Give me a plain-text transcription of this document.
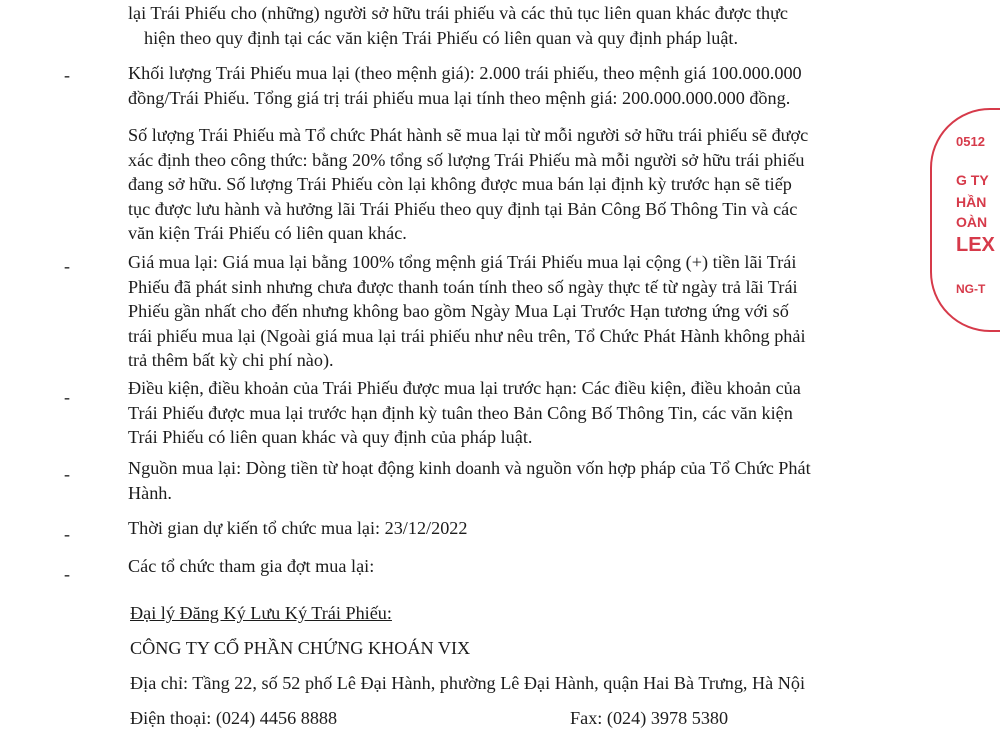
lại Trái Phiếu cho (những) người sở hữu trái phiếu và các thủ tục liên quan khác được thực
hiện theo quy định tại các văn kiện Trái Phiếu có liên quan và quy định pháp luật.
-	Khối lượng Trái Phiếu mua lại (theo mệnh giá): 2.000 trái phiếu, theo mệnh giá 100.000.000
đồng/Trái Phiếu. Tổng giá trị trái phiếu mua lại tính theo mệnh giá: 200.000.000.000 đồng.
Số lượng Trái Phiếu mà Tổ chức Phát hành sẽ mua lại từ mỗi người sở hữu trái phiếu sẽ được
xác định theo công thức: bằng 20% tổng số lượng Trái Phiếu mà mỗi người sở hữu trái phiếu
đang sở hữu. Số lượng Trái Phiếu còn lại không được mua bán lại định kỳ trước hạn sẽ tiếp
tục được lưu hành và hưởng lãi Trái Phiếu theo quy định tại Bản Công Bố Thông Tin và các
văn kiện Trái Phiếu có liên quan khác.
-	Giá mua lại: Giá mua lại bằng 100% tổng mệnh giá Trái Phiếu mua lại cộng (+) tiền lãi Trái
Phiếu đã phát sinh nhưng chưa được thanh toán tính theo số ngày thực tế từ ngày trả lãi Trái
Phiếu gần nhất cho đến nhưng không bao gồm Ngày Mua Lại Trước Hạn tương ứng với số
trái phiếu mua lại (Ngoài giá mua lại trái phiếu như nêu trên, Tổ Chức Phát Hành không phải
trả thêm bất kỳ chi phí nào).
-	Điều kiện, điều khoản của Trái Phiếu được mua lại trước hạn: Các điều kiện, điều khoản của
Trái Phiếu được mua lại trước hạn định kỳ tuân theo Bản Công Bố Thông Tin, các văn kiện
Trái Phiếu có liên quan khác và quy định của pháp luật.
-	Nguồn mua lại: Dòng tiền từ hoạt động kinh doanh và nguồn vốn hợp pháp của Tổ Chức Phát
Hành.
-	Thời gian dự kiến tổ chức mua lại: 23/12/2022
-	Các tổ chức tham gia đợt mua lại:
Đại lý Đăng Ký Lưu Ký Trái Phiếu:
CÔNG TY CỔ PHẦN CHỨNG KHOÁN VIX
Địa chỉ: Tầng 22, số 52 phố Lê Đại Hành, phường Lê Đại Hành, quận Hai Bà Trưng, Hà Nội
Điện thoại: (024) 4456 8888	Fax: (024) 3978 5380
0512
G TY
HẦN
OÀN
LEX
NG-T
